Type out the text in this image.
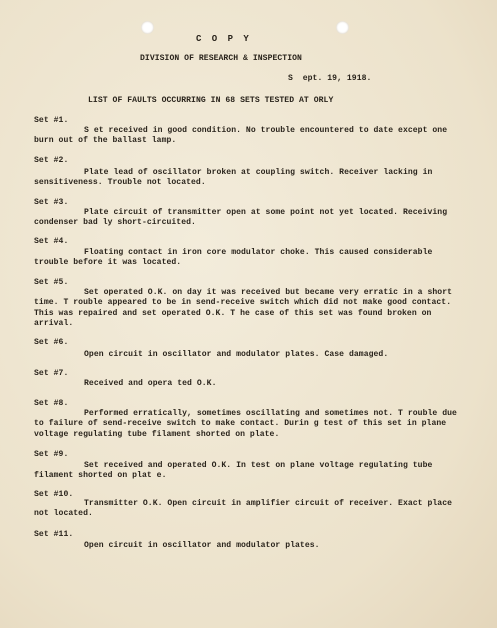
C O P Y
DIVISION OF RESEARCH & INSPECTION
S  ept. 19, 1918.
LIST OF FAULTS OCCURRING IN 68 SETS TESTED AT ORLY
Set #1.
S et received in good condition. No trouble encountered to date except one burn out of the ballast lamp.
Set #2.
Plate lead of oscillator broken at coupling switch. Receiver lacking in sensitiveness. Trouble not located.
Set #3.
Plate circuit of transmitter open at some point not yet located. Receiving condenser bad ly short-circuited.
Set #4.
Floating contact in iron core modulator choke. This caused considerable trouble before it was located.
Set #5.
Set operated O.K. on day it was received but became very erratic in a short time. T rouble appeared to be in send-receive switch which did not make good contact. This was repaired and set operated O.K. T he case of this set was found broken on arrival.
Set #6.
Open circuit in oscillator and modulator plates. Case damaged.
Set #7.
Received and opera ted O.K.
Set #8.
Performed erratically, sometimes oscillating and sometimes not. T rouble due to failure of send-receive switch to make contact. Durin g test of this set in plane voltage regulating tube filament shorted on plate.
Set #9.
Set received and operated O.K. In test on plane voltage regulating tube filament shorted on plat e.
Set #10.
Transmitter O.K. Open circuit in amplifier circuit of receiver. Exact place not located.
Set #11.
Open circuit in oscillator and modulator plates.
